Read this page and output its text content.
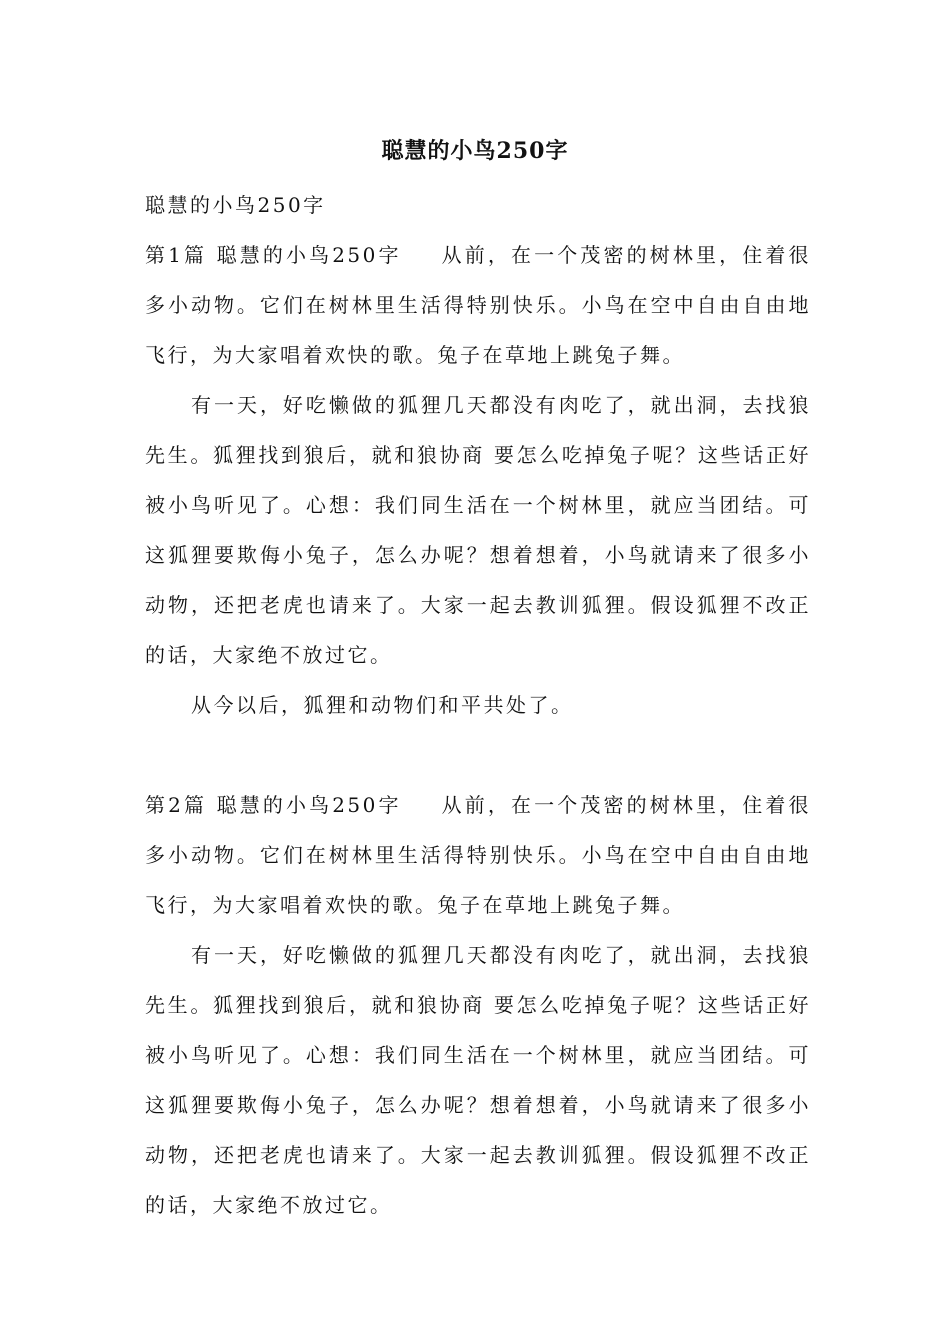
聪慧的小鸟250字

聪慧的小鸟250字

第1篇 聪慧的小鸟250字 从前，在一个茂密的树林里，住着很多小动物。它们在树林里生活得特别快乐。小鸟在空中自由自由地飞行，为大家唱着欢快的歌。兔子在草地上跳兔子舞。

有一天，好吃懒做的狐狸几天都没有肉吃了，就出洞，去找狼先生。狐狸找到狼后，就和狼协商 要怎么吃掉兔子呢？这些话正好被小鸟听见了。心想：我们同生活在一个树林里，就应当团结。可这狐狸要欺侮小兔子，怎么办呢？想着想着，小鸟就请来了很多小动物，还把老虎也请来了。大家一起去教训狐狸。假设狐狸不改正的话，大家绝不放过它。

从今以后，狐狸和动物们和平共处了。

第2篇 聪慧的小鸟250字 从前，在一个茂密的树林里，住着很多小动物。它们在树林里生活得特别快乐。小鸟在空中自由自由地飞行，为大家唱着欢快的歌。兔子在草地上跳兔子舞。

有一天，好吃懒做的狐狸几天都没有肉吃了，就出洞，去找狼先生。狐狸找到狼后，就和狼协商 要怎么吃掉兔子呢？这些话正好被小鸟听见了。心想：我们同生活在一个树林里，就应当团结。可这狐狸要欺侮小兔子，怎么办呢？想着想着，小鸟就请来了很多小动物，还把老虎也请来了。大家一起去教训狐狸。假设狐狸不改正的话，大家绝不放过它。
